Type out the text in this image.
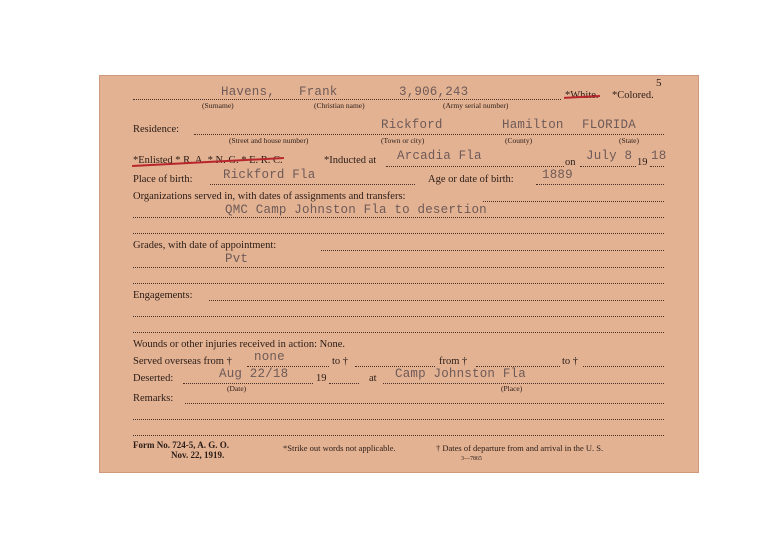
5
Havens, Frank	3,906,243	*White. *Colored.
(Surname)	(Christian name)	(Army serial number)
Residence:	Rickford	Hamilton FLORIDA
(Street and house number)	(Town or city)	(County)	(State)
*Enlisted * R. A. * N. G. * E. R. C.	*Inducted at Arcadia Fla	on July 8 19 18
Place of birth: Rickford Fla	Age or date of birth: 1889
Organizations served in, with dates of assignments and transfers:
QMC Camp Johnston Fla to desertion
Grades, with date of appointment:
Pvt
Engagements:
Wounds or other injuries received in action: None.
Served overseas from † none	to †	from †	to †
Deserted:	Aug 22/18	19	at Camp Johnston Fla
(Date)	(Place)
Remarks:
Form No. 724-5, A. G. O.
Nov. 22, 1919.
*Strike out words not applicable.	† Dates of departure from and arrival in the U. S.
3—7865
